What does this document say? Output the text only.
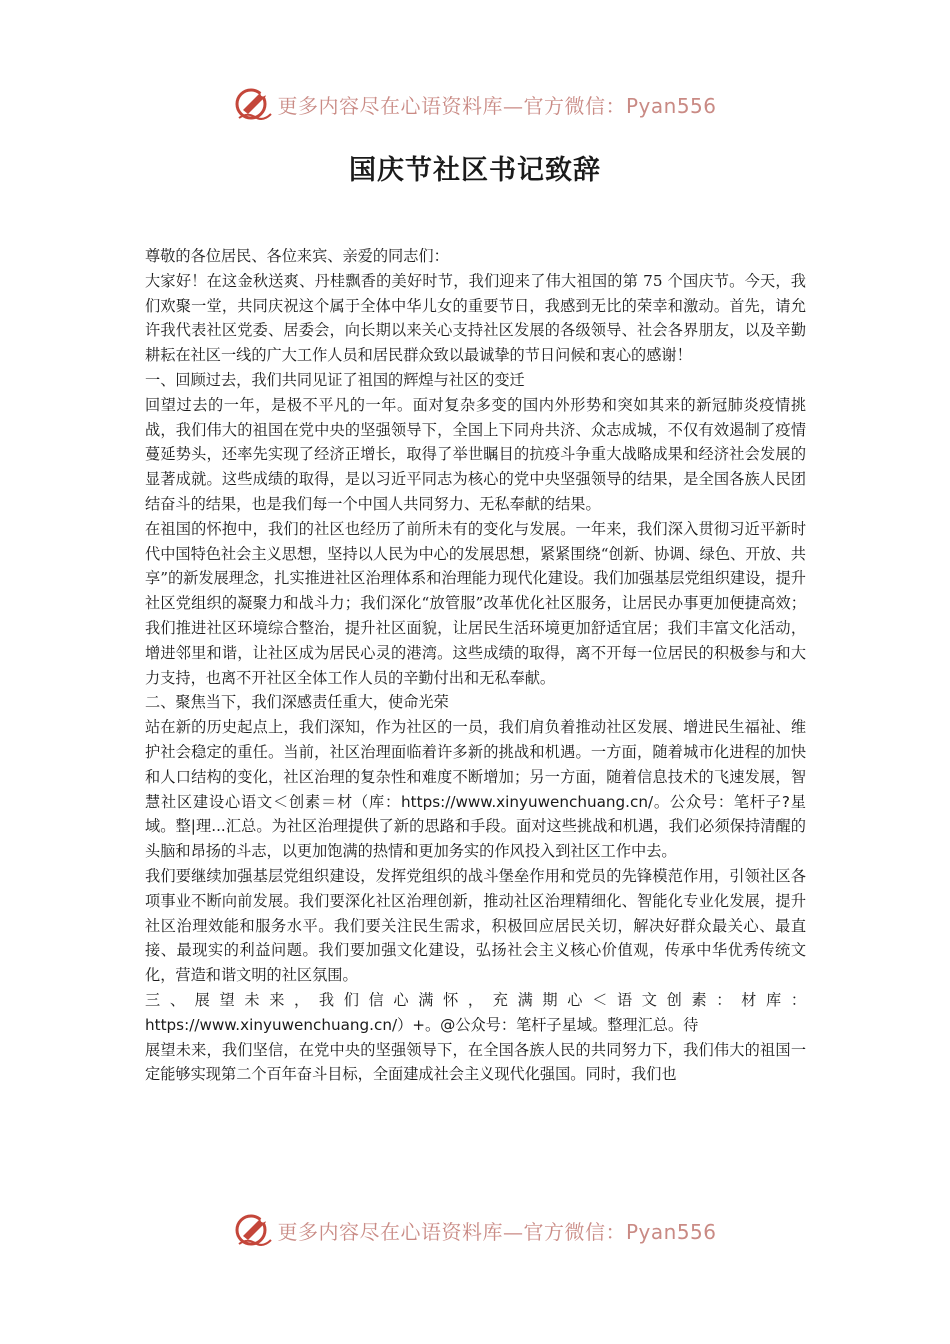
更多内容尽在心语资料库—官方微信：Pyan556
国庆节社区书记致辞

尊敬的各位居民、各位来宾、亲爱的同志们：

大家好！在这金秋送爽、丹桂飘香的美好时节，我们迎来了伟大祖国的第 75 个国庆节。今天，我们欢聚一堂，共同庆祝这个属于全体中华儿女的重要节日，我感到无比的荣幸和激动。首先，请允许我代表社区党委、居委会，向长期以来关心支持社区发展的各级领导、社会各界朋友，以及辛勤耕耘在社区一线的广大工作人员和居民群众致以最诚挚的节日问候和衷心的感谢！

一、回顾过去，我们共同见证了祖国的辉煌与社区的变迁

回望过去的一年，是极不平凡的一年。面对复杂多变的国内外形势和突如其来的新冠肺炎疫情挑战，我们伟大的祖国在党中央的坚强领导下，全国上下同舟共济、众志成城，不仅有效遏制了疫情蔓延势头，还率先实现了经济正增长，取得了举世瞩目的抗疫斗争重大战略成果和经济社会发展的显著成就。这些成绩的取得，是以习近平同志为核心的党中央坚强领导的结果，是全国各族人民团结奋斗的结果，也是我们每一个中国人共同努力、无私奉献的结果。

在祖国的怀抱中，我们的社区也经历了前所未有的变化与发展。一年来，我们深入贯彻习近平新时代中国特色社会主义思想，坚持以人民为中心的发展思想，紧紧围绕“创新、协调、绿色、开放、共享”的新发展理念，扎实推进社区治理体系和治理能力现代化建设。我们加强基层党组织建设，提升社区党组织的凝聚力和战斗力；我们深化“放管服”改革优化社区服务，让居民办事更加便捷高效；我们推进社区环境综合整治，提升社区面貌，让居民生活环境更加舒适宜居；我们丰富文化活动，增进邻里和谐，让社区成为居民心灵的港湾。这些成绩的取得，离不开每一位居民的积极参与和大力支持，也离不开社区全体工作人员的辛勤付出和无私奉献。

二、聚焦当下，我们深感责任重大，使命光荣

站在新的历史起点上，我们深知，作为社区的一员，我们肩负着推动社区发展、增进民生福祉、维护社会稳定的重任。当前，社区治理面临着许多新的挑战和机遇。一方面，随着城市化进程的加快和人口结构的变化，社区治理的复杂性和难度不断增加；另一方面，随着信息技术的飞速发展，智慧社区建设心语文＜创素＝材（库：https://www.xinyuwenchuang.cn/。公众号：笔杆子?星域。整|理...汇总。为社区治理提供了新的思路和手段。面对这些挑战和机遇，我们必须保持清醒的头脑和昂扬的斗志，以更加饱满的热情和更加务实的作风投入到社区工作中去。

我们要继续加强基层党组织建设，发挥党组织的战斗堡垒作用和党员的先锋模范作用，引领社区各项事业不断向前发展。我们要深化社区治理创新，推动社区治理精细化、智能化专业化发展，提升社区治理效能和服务水平。我们要关注民生需求，积极回应居民关切，解决好群众最关心、最直接、最现实的利益问题。我们要加强文化建设，弘扬社会主义核心价值观，传承中华优秀传统文化，营造和谐文明的社区氛围。

三、展望未来，我们信心满怀，充满期心＜语文创素：材库：https://www.xinyuwenchuang.cn/）+。@公众号：笔杆子星域。整理汇总。待

展望未来，我们坚信，在党中央的坚强领导下，在全国各族人民的共同努力下，我们伟大的祖国一定能够实现第二个百年奋斗目标，全面建成社会主义现代化强国。同时，我们也

更多内容尽在心语资料库—官方微信：Pyan556
